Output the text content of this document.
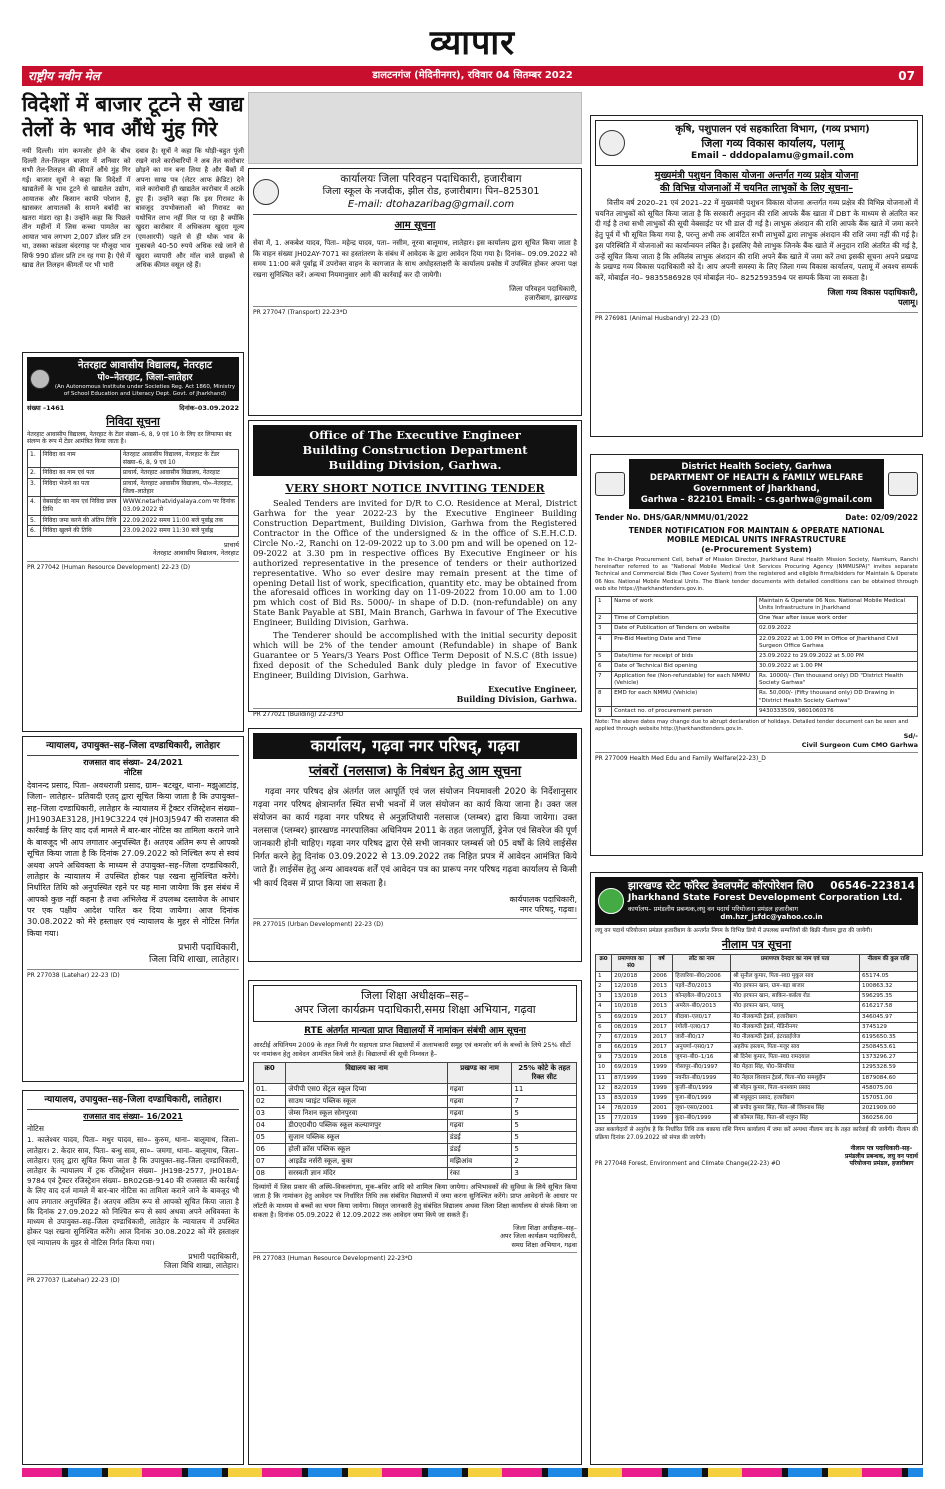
व्यापार
राष्ट्रीय नवीन मेल	डालटनगंज (मेदिनीनगर), रविवार 04 सितम्बर 2022	07
विदेशों में बाजार टूटने से खाद्य तेलों के भाव औंधे मुंह गिरे

नयी दिल्ली। मांग कमजोर होने के बीच दिल्ली तेल-तिलहन बाजार में शनिवार को सभी तेल-तिलहन की कीमतें औंधे मुंह गिर गईं। बाजार सूत्रों ने कहा कि विदेशों में खाद्यतेलों के भाव टूटने से खाद्यतेल उद्योग, आयातक और किसान काफी परेशान हैं, खासकर आयातकों के सामने बर्बादी का खतरा मंडरा रहा है। उन्होंने कहा कि पिछले तीन महीनों में जिस कच्चा पामतेल का आयात भाव लगभग 2,007 डॉलर प्रति टन था, उसका कांडला बंदरगाह पर मौजूदा भाव सिर्फ 990 डॉलर प्रति टन रह गया है। ऐसे में खाद्य तेल तिलहन कीमतों पर भी भारी

दबाव है। सूत्रों ने कहा कि थोड़ी-बहुत पूंजी रखने वाले कारोबारियों ने अब तेल कारोबार छोड़ने का मन बना लिया है और बैंकों में अपना साख पत्र (लेटर आफ क्रेडिट) देने वाले कारोबारी ही खाद्यतेल कारोबार में अटके हुए हैं। उन्होंने कहा कि इस गिरावट के बावजूद उपभोक्ताओं को गिरावट का यथोचित लाभ नहीं मिल पा रहा है क्योंकि खुदरा कारोबार में अधिकतम खुदरा मूल्य (एमआरपी) पहले से ही थोक भाव के मुकाबले 40-50 रुपये अधिक रखे जाने से खुदरा व्यापारी और मॉल वाले ग्राहकों से अधिक कीमत वसूल रहे हैं।

नेतरहाट आवासीय विद्यालय, नेतरहाट
पो०–नेतरहाट, जिला–लातेहार
(An Autonomous Institute under Societies Reg. Act 1860, Ministry of School Education and Literacy Dept. Govt. of Jharkhand)
संख्या –1461	दिनांक–03.09.2022
निविदा सूचना

नेतरहाट आवासीय विद्यालय, नेतरहाट के टेंडर संख्या–6, 8, 9 एवं 10 के लिए दर लिफाफा बंद संलग्न के रूप में टेंडर आमंत्रित किया जाता है।

1.	निविदा का नाम	नेतरहाट आवासीय विद्यालय, नेतरहाट के टेंडर संख्या–6, 8, 9 एवं 10
2.	निविदा का नाम एवं पता	प्राचार्य, नेतरहाट आवासीय विद्यालय, नेतरहाट
3.	निविदा भेजने का पता	प्राचार्य, नेतरहाट आवासीय विद्यालय, पो०–नेतरहाट, जिला–लातेहार
4.	वेबसाईट का नाम एवं निविदा प्रपत्र तिथि	WWW.netarhatvidyalaya.com पर दिनांक 03.09.2022 से
5.	निविदा जमा करने की अंतिम तिथि	22.09.2022 समय 11:00 बजे पूर्वाह्न तक
6.	निविदा खुलने की तिथि	23.09.2022 समय 11:30 बजे पूर्वाह्न
प्राचार्य
नेतरहाट आवासीय विद्यालय, नेतरहाट
PR 277042 (Human Resource Development) 22-23 (D)
न्यायालय, उपायुक्त–सह–जिला दण्डाधिकारी, लातेहार
राजसात वाद संख्या– 24/2021
नोटिस

देवानन्द प्रसाद, पिता– अवधराजी प्रसाद, ग्राम– बटखुर, थाना– मझुआटांड़, जिला– लातेहार– प्रतिवादी एतद् द्वारा सूचित किया जाता है कि उपायुक्त–सह–जिला दण्डाधिकारी, लातेहार के न्यायालय में ट्रैक्टर रजिस्ट्रेशन संख्या– JH1903AE3128, JH19C3224 एवं JH03J5947 की राजसात की कार्रवाई के लिए वाद दर्ज मामले में बार-बार नोटिस का तामिला कराने जाने के बावजूद भी आप लगातार अनुपस्थित हैं। अतएव अंतिम रूप से आपको सूचित किया जाता है कि दिनांक 27.09.2022 को निश्चित रूप से स्वयं अथवा अपने अधिवक्ता के माध्यम से उपायुक्त–सह–जिला दण्डाधिकारी, लातेहार के न्यायालय में उपस्थित होकर पक्ष रखना सुनिश्चित करेंगे। निर्धारित तिथि को अनुपस्थित रहने पर यह माना जायेगा कि इस संबंध में आपको कुछ नहीं कहना है तथा अभिलेख में उपलब्ध दस्तावेज के आधार पर एक पक्षीय आदेश पारित कर दिया जायेगा। आज दिनांक 30.08.2022 को मेरे हस्ताक्षर एवं न्यायालय के मुहर से नोटिस निर्गत किया गया।

प्रभारी पदाधिकारी,
जिला विधि शाखा, लातेहार।
PR 277038 (Latehar) 22-23 (D)
न्यायालय, उपायुक्त–सह–जिला दण्डाधिकारी, लातेहार।
राजसात वाद संख्या– 16/2021
नोटिस

1. कालेश्वर यादव, पिता– मथुर यादव, सा०– कुरुम, थाना– बालूमाथ, जिला– लातेहार। 2. केदार साव, पिता– बन्धु साव, सा०– जमगा, थाना– बालूमाथ, जिला– लातेहार। एतद् द्वारा सूचित किया जाता है कि उपायुक्त–सह–जिला दण्डाधिकारी, लातेहार के न्यायालय में ट्रक रजिस्ट्रेशन संख्या– JH19B-2577, JH01BA-9784 एवं ट्रैक्टर रजिस्ट्रेशन संख्या– BR02GB-9140 की राजसात की कार्रवाई के लिए वाद दर्ज मामले में बार-बार नोटिस का तामिला कराने जाने के बावजूद भी आप लगातार अनुपस्थित हैं। अतएव अंतिम रूप से आपको सूचित किया जाता है कि दिनांक 27.09.2022 को निश्चित रूप से स्वयं अथवा अपने अधिवक्ता के माध्यम से उपायुक्त–सह–जिला दण्डाधिकारी, लातेहार के न्यायालय में उपस्थित होकर पक्ष रखना सुनिश्चित करेंगे। आज दिनांक 30.08.2022 को मेरे हस्ताक्षर एवं न्यायालय के मुहर से नोटिस निर्गत किया गया।

प्रभारी पदाधिकारी,
जिला विधि शाखा, लातेहार।
PR 277037 (Latehar) 22-23 (D)
कार्यालयः जिला परिवहन पदाधिकारी, हजारीबाग
जिला स्कूल के नजदीक, झील रोड, हजारीबाग। पिन–825301
E-mail: dtohazaribag@gmail.com
आम सूचना

सेवा में, 1. अकबेश यादव, पिता– महेन्द्र यादव, पता– नसीम, नूरवा बालूमाथ, लातेहार। इस कार्यालय द्वारा सूचित किया जाता है कि वाहन संख्या JH02AY-7071 का हस्तांतरण के संबंध में आवेदक के द्वारा आवेदन दिया गया है। दिनांक– 09.09.2022 को समय 11:00 बजे पूर्वाह्न में उपरोक्त वाहन के कागजात के साथ अधोहस्ताक्षरी के कार्यालय प्रकोष्ठ में उपस्थित होकर अपना पक्ष रखना सुनिश्चित करें। अन्यथा नियमानुसार आगे की कार्रवाई कर दी जायेगी।

जिला परिवहन पदाधिकारी,
हजारीबाग, झारखण्ड
PR 277047 (Transport) 22-23*D
Office of The Executive Engineer
Building Construction Department
Building Division, Garhwa.
VERY SHORT NOTICE INVITING TENDER

Sealed Tenders are invited for D/R to C.O. Residence at Meral, District Garhwa for the year 2022-23 by the Executive Engineer Building Construction Department, Building Division, Garhwa from the Registered Contractor in the Office of the undersigned & in the office of S.E.H.C.D. Circle No.-2, Ranchi on 12-09-2022 up to 3.00 pm and will be opened on 12-09-2022 at 3.30 pm in respective offices By Executive Engineer or his authorized representative in the presence of tenders or their authorized representative. Who so ever desire may remain present at the time of opening Detail list of work, specification, quantity etc. may be obtained from the aforesaid offices in working day on 11-09-2022 from 10.00 am to 1.00 pm which cost of Bid Rs. 5000/- in shape of D.D. (non-refundable) on any State Bank Payable at SBI, Main Branch, Garhwa in favour of The Executive Engineer, Building Division, Garhwa.

The Tenderer should be accomplished with the initial security deposit which will be 2% of the tender amount (Refundable) in shape of Bank Guarantee or 5 Years/3 Years Post Office Term Deposit of N.S.C (8th issue) fixed deposit of the Scheduled Bank duly pledge in favor of Executive Engineer, Building Division, Garhwa.

Executive Engineer,
Building Division, Garhwa.
PR 277021 (Building) 22-23*D
कार्यालय, गढ़वा नगर परिषद्, गढ़वा
प्लंबरों (नलसाज) के निबंधन हेतु आम सूचना

गढ़वा नगर परिषद क्षेत्र अंतर्गत जल आपूर्ति एवं जल संयोजन नियमावली 2020 के निर्देशानुसार गढ़वा नगर परिषद क्षेत्रान्तर्गत स्थित सभी भवनों में जल संयोजन का कार्य किया जाना है। उक्त जल संयोजन का कार्य गढ़वा नगर परिषद से अनुज्ञप्तिधारी नलसाज (प्लम्बर) द्वारा किया जायेगा। उक्त नलसाज (प्लम्बर) झारखण्ड नगरपालिका अधिनियम 2011 के तहत जलापूर्ति, ड्रेनेज एवं सिवरेज की पूर्ण जानकारी होनी चाहिए। गढ़वा नगर परिषद द्वारा ऐसे सभी जानकार प्लम्बर्स जो 05 वर्षों के लिये लाईसेंस निर्गत करने हेतु दिनांक 03.09.2022 से 13.09.2022 तक निहित प्रपत्र में आवेदन आमंत्रित किये जाते हैं। लाईसेंस हेतु अन्य आवश्यक शर्तें एवं आवेदन पत्र का प्रारूप नगर परिषद गढ़वा कार्यालय से किसी भी कार्य दिवस में प्राप्त किया जा सकता है।

कार्यपालक पदाधिकारी,
नगर परिषद्, गढ़वा।
PR 277015 (Urban Development) 22-23 (D)
जिला शिक्षा अधीक्षक–सह–
अपर जिला कार्यक्रम पदाधिकारी,समग्र शिक्षा अभियान, गढ़वा
RTE अंतर्गत मान्यता प्राप्त विद्यालयों में नामांकन संबंधी आम सूचना

आरटीई अधिनियम 2009 के तहत निजी गैर सहायता प्राप्त विद्यालयों में अलाभकारी समूह एवं कमजोर वर्ग के बच्चों के लिये 25% सीटों पर नामांकन हेतु आवेदन आमंत्रित किये जाते हैं। विद्यालयों की सूची निम्नवत है–

क्र0	विद्यालय का नाम	प्रखण्ड का नाम	25% कोटे के तहत रिक्त सीट
01.	जेपीपी एस0 सेंट्रल स्कूल दिप्वा	गढ़वा	11
02	साउथ प्वाइंट पब्लिक स्कूल	गढ़वा	7
03	जेम्स निशन स्कूल सोनपुरवा	गढ़वा	5
04	डी0ए0वी0 पब्लिक स्कूल कल्याणपुर	गढ़वा	5
05	सुजान पब्लिक स्कूल	डंडई	5
06	होली क्रॉस पब्लिक स्कूल	डंडई	5
07	आइडेंड नर्सरी स्कूल, बुका	मझिआंव	2
08	सरस्वती ज्ञान मंदिर	रंका	3

दिव्यांगों में जिस प्रकार की अस्थि–विकलांगता, मूक–बधिर आदि को शामिल किया जायेगा। अभिभावकों की सुविधा के लिये सूचित किया जाता है कि नामांकन हेतु आवेदन पत्र निर्धारित तिथि तक संबंधित विद्यालयों में जमा करना सुनिश्चित करेंगे। प्राप्त आवेदनों के आधार पर लॉटरी के माध्यम से बच्चों का चयन किया जायेगा। विस्तृत जानकारी हेतु संबंधित विद्यालय अथवा जिला शिक्षा कार्यालय से संपर्क किया जा सकता है। दिनांक 05.09.2022 से 12.09.2022 तक आवेदन जमा किये जा सकते हैं।

जिला शिक्षा अधीक्षक–सह–
अपर जिला कार्यक्रम पदाधिकारी,
समग्र शिक्षा अभियान, गढ़वा
PR 277083 (Human Resource Development) 22-23*D
कृषि, पशुपालन एवं सहकारिता विभाग, (गव्य प्रभाग)
जिला गव्य विकास कार्यालय, पलामू
Email – dddopalamu@gmail.com
मुख्यमंत्री पशुधन विकास योजना अन्तर्गत गव्य प्रक्षेत्र योजना
की विभिन्न योजनाओं में चयनित लाभुकों के लिए सूचना–

वित्तीय वर्ष 2020–21 एवं 2021–22 में मुख्यमंत्री पशुधन विकास योजना अन्तर्गत गव्य प्रक्षेत्र की विभिन्न योजनाओं में चयनित लाभुकों को सूचित किया जाता है कि सरकारी अनुदान की राशि आपके बैंक खाता में DBT के माध्यम से अंतरित कर दी गई है तथा सभी लाभुकों की सूची वेबसाईट पर भी डाल दी गई है। लाभुक अंशदान की राशि आपके बैंक खाते में जमा करने हेतु पूर्व में भी सूचित किया गया है, परन्तु अभी तक आवंटित सभी लाभुकों द्वारा लाभुक अंशदान की राशि जमा नहीं की गई है। इस परिस्थिति में योजनाओं का कार्यान्वयन लंबित है। इसलिए वैसे लाभुक जिनके बैंक खाते में अनुदान राशि अंतरित की गई है, उन्हें सूचित किया जाता है कि अविलंब लाभुक अंशदान की राशि अपने बैंक खाते में जमा करें तथा इसकी सूचना अपने प्रखण्ड के प्रखण्ड गव्य विकास पदाधिकारी को दें। आप अपनी समस्या के लिए जिला गव्य विकास कार्यालय, पलामू में अवश्य सम्पर्क करें, मोबाईल नं0– 9835586928 एवं मोबाईल नं0– 8252593594 पर सम्पर्क किया जा सकता है।

जिला गव्य विकास पदाधिकारी,
पलामू।
PR 276981 (Animal Husbandry) 22-23 (D)
District Health Society, Garhwa
DEPARTMENT OF HEALTH & FAMILY WELFARE Government of Jharkhand,
Garhwa – 822101 Email: - cs.garhwa@gmail.com
Tender No. DHS/GAR/NMMU/01/2022	Date: 02/09/2022
TENDER NOTIFICATION FOR MAINTAIN & OPERATE NATIONAL
MOBILE MEDICAL UNITS INFRASTRUCTURE
(e-Procurement System)

The In-Charge Procurement Cell, behalf of Mission Director, Jharkhand Rural Health Mission Society, Namkum, Ranchi hereinafter referred to as "National Mobile Medical Unit Services Procuring Agency (NMMUSPA)" invites separate Technical and Commercial Bids (Two Cover System) from the registered and eligible firms/bidders for Maintain & Operate 06 Nos. National Mobile Medical Units. The Blank tender documents with detailed conditions can be obtained through web site https://jharkhandtenders.gov.in.

1	Name of work	Maintain & Operate 06 Nos. National Mobile Medical Units Infrastructure in Jharkhand
2	Time of Completion	One Year after issue work order
3	Date of Publication of Tenders on website	02.09.2022
4	Pre-Bid Meeting Date and Time	22.09.2022 at 1.00 PM in Office of Jharkhand Civil Surgeon Office Garhwa
5	Date/time for receipt of bids	23.09.2022 to 29.09.2022 at 5.00 PM
6	Date of Technical Bid opening	30.09.2022 at 1.00 PM
7	Application fee (Non-refundable) for each NMMU (Vehicle)	Rs. 10000/- (Ten thousand only) DD "District Health Society Garhwa"
8	EMD for each NMMU (Vehicle)	Rs. 50,000/- (Fifty thousand only) DD Drawing in "District Health Society Garhwa"
9	Contact no. of procurement person	9430333509, 9801060376

Note: The above dates may change due to abrupt declaration of holidays. Detailed tender document can be seen and applied through website http://jharkhandtenders.gov.in.

Sd/-
Civil Surgeon Cum CMO Garhwa
PR 277009 Health Med Edu and Family Welfare(22-23)_D
झारखण्ड स्टेट फॉरेस्ट डेवलपमेंट कॉरपोरेशन लि0 06546-223814
Jharkhand State Forest Development Corporation Ltd.
कार्यालय– प्रमंडलीय प्रबन्धक,लघु वन पदार्थ परियोजना प्रमंडल हजारीबाग
dm.hzr_jsfdc@yahoo.co.in

लघु वन पदार्थ परियोजना प्रमंडल हजारीबाग के अन्तर्गत निगम के विभिन्न डिपो में उपलब्ध सम्पत्तियों की बिक्री नीलाम द्वारा की जायेगी।

नीलाम पत्र सूचना
क्र0	प्रमाणपत्र का सं0	वर्ष	लॉट का नाम	प्रमाणपत्र देनदार का नाम एवं पता	नीलाम की कुल राशि
1	20/2018	2006	हिजारिया–बी0/2006	श्री सुनील कुमार, पिता–स्व0 मुकुल साव	65174.05
2	12/2018	2013	पड़वे–टी0/2013	मो0 इरफान खान, ग्राम–बड़ा बाजार	100863.32
3	13/2018	2013	कोनहबैल–बी0/2013	मो0 इरफान खान, साकिन–कर्बला रोड	596295.35
4	10/2018	2013	अमरेल–बी0/2013	मो0 इरफान खान, पलामू	616217.58
5	69/2019	2017	बीदाबा–एल0/17	मे0 नीलकण्ठी ट्रेडर्स, हजारीबाग	346045.97
6	08/2019	2017	रंगोली–एल0/17	मे0 नीलकण्ठी ट्रेडर्स, मेडिनीनगर	3745129
7	67/2019	2017	जारी–बी0/17	मे0 नीलकण्ठी ट्रेडर्स, इंटरप्राईजेज	6195650.35
8	66/2019	2017	अनुपर्णा–एस0/17	अहरीफ इस्लाम, पिता–मजुर साव	2508453.61
9	73/2019	2018	जुगना–बी0–1/16	श्री दिनेश कुमार, पिता–स्व0 रामदयाल	1373296.27
10	69/2019	1999	गोसापुर–बी0/1997	मे0 मेहता सिंह, पो0–सिमरिया	1295328.59
11	87/1999	1999	नवनीत–बी0/1999	मे0 नेहाल शिरवान ट्रेडर्स, पिता–मो0 समशुद्दीन	1879084.60
12	82/2019	1999	कुजी–बी0/1999	श्री मोहन कुमार, पिता–धनश्याम प्रसाद	458075.00
13	83/2019	1999	पूजा–बी0/1999	श्री मधुसूदन प्रसाद, हजारीबाग	157051.00
14	78/2019	2001	लूधा–एस0/2001	श्री प्रमोद कुमार सिंह, पिता–श्री जिवनाथ सिंह	2021909.00
15	77/2019	1999	कुंदा–बी0/1999	श्री कोमल सिंह, पिता–श्री शत्रुघ्न सिंह	360256.00

उक्त बकायेदारों से अनुरोध है कि निर्धारित तिथि तक बकाया राशि निगम कार्यालय में जमा करें अन्यथा नीलाम वाद के तहत कार्रवाई की जायेगी। नीलाम की प्रक्रिया दिनांक 27.09.2022 को संपन्न की जायेगी।

PR 277048 Forest, Environment and Climate Change(22-23) #D
नीलाम पत्र पदाधिकारी–सह–
प्रमंडलीय प्रबन्धक, लघु वन पदार्थ
परियोजना प्रमंडल, हजारीबाग
